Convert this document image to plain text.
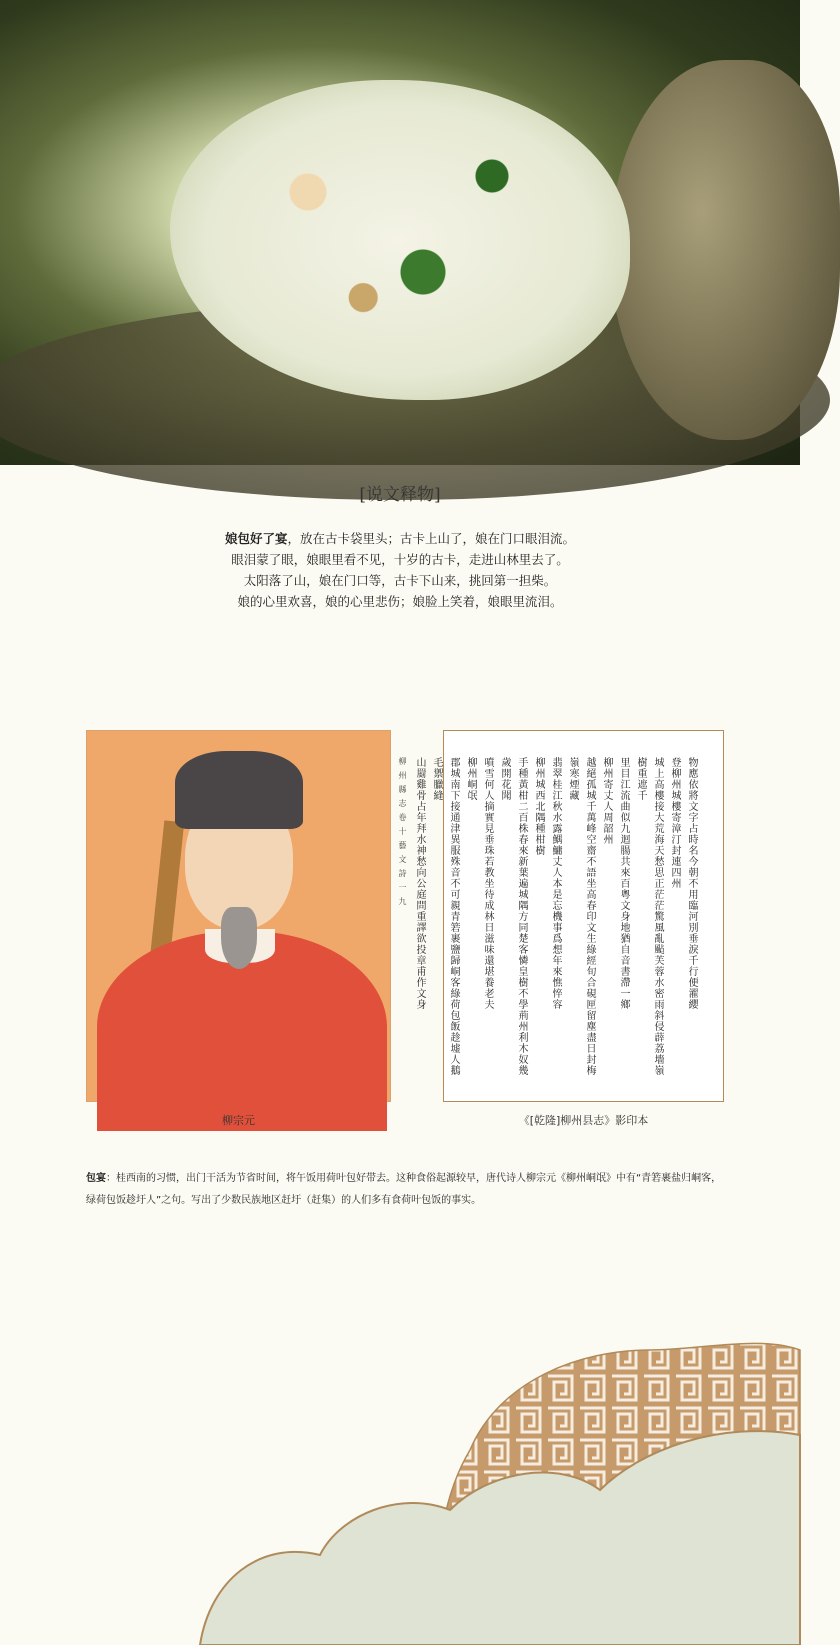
[说文释物]

娘包好了宴，放在古卡袋里头；古卡上山了，娘在门口眼泪流。

眼泪蒙了眼，娘眼里看不见，十岁的古卡，走进山林里去了。

太阳落了山，娘在门口等，古卡下山来，挑回第一担柴。

娘的心里欢喜，娘的心里悲伤；娘脸上笑着，娘眼里流泪。

柳宗元

物應依將文字占時名今朝不用臨河別垂淚千行便濯纓

登柳州城樓寄漳汀封連四州

城上高樓接大荒海天愁思正茫茫驚風亂颭芙蓉水密雨斜侵薜荔墻嶺樹重遮千

里目江流曲似九迴腸共來百粵文身地猶自音書滯一鄉

柳州寄丈人周韶州

越絕孤城千萬峰空齋不語坐高春印文生綠經旬合硯匣留塵盡日封梅嶺寒煙藏

翡翠桂江秋水露鰅鱅丈人本是忘機事爲想年來憔悴容

柳州城西北隅種柑樹

手種黃柑二百株春來新葉遍城隅方同楚客憐皇樹不學荊州利木奴幾歲開花聞

噴雪何人摘實見垂珠若教坐待成林日滋味還堪養老夫

柳州峒氓

郡城南下接通津異服殊音不可親青箬裹鹽歸峒客綠荷包飯趁墟人鵝毛禦臘縫

山罽雞骨占年拜水神愁向公庭問重譯欲投章甫作文身

柳州縣志卷十藝文詩一九

《[乾隆]柳州县志》影印本
包宴：桂西南的习惯，出门干活为节省时间，将午饭用荷叶包好带去。这种食俗起源较早，唐代诗人柳宗元《柳州峒氓》中有“青箬裹盐归峒客，绿荷包饭趁圩人”之句。写出了少数民族地区赶圩（赶集）的人们多有食荷叶包饭的事实。
